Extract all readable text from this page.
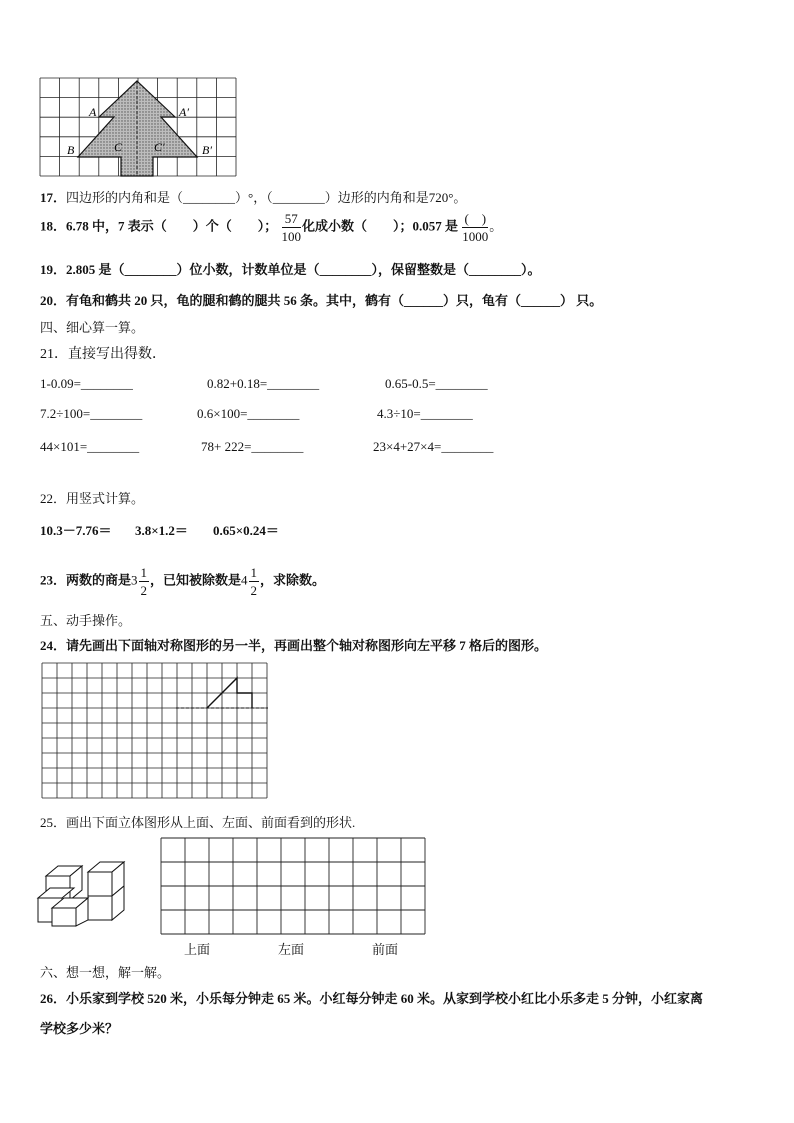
A	A′
B	B′
C	C′
17．四边形的内角和是（________）°，（________）边形的内角和是720°。
18．6.78 中，7 表示（　　）个（　　）； $\frac{57}{100}$ 化成小数（　　）；0.057 是 $\frac{( )}{1000}$ 。
19．2.805 是（________）位小数，计数单位是（________），保留整数是（________）。
20．有龟和鹤共 20 只，龟的腿和鹤的腿共 56 条。其中，鹤有（______）只，龟有（______） 只。
四、细心算一算。
21．直接写出得数．
1-0.09=________	0.82+0.18=________	0.65-0.5=________
7.2÷100=________	0.6×100=________	4.3÷10=________
44×101=________	78+ 222=________	23×4+27×4=________
22．用竖式计算。
10.3－7.76＝ 3.8×1.2＝ 0.65×0.24＝
23．两数的商是$3 \frac{1}{2}$ ，已知被除数是$4 \frac{1}{2}$ ，求除数。
五、动手操作。
24．请先画出下面轴对称图形的另一半，再画出整个轴对称图形向左平移 7 格后的图形。
25．画出下面立体图形从上面、左面、前面看到的形状.
上面	左面	前面
六、想一想，解一解。
26．小乐家到学校 520 米，小乐每分钟走 65 米。小红每分钟走 60 米。从家到学校小红比小乐多走 5 分钟，小红家离
学校多少米？
